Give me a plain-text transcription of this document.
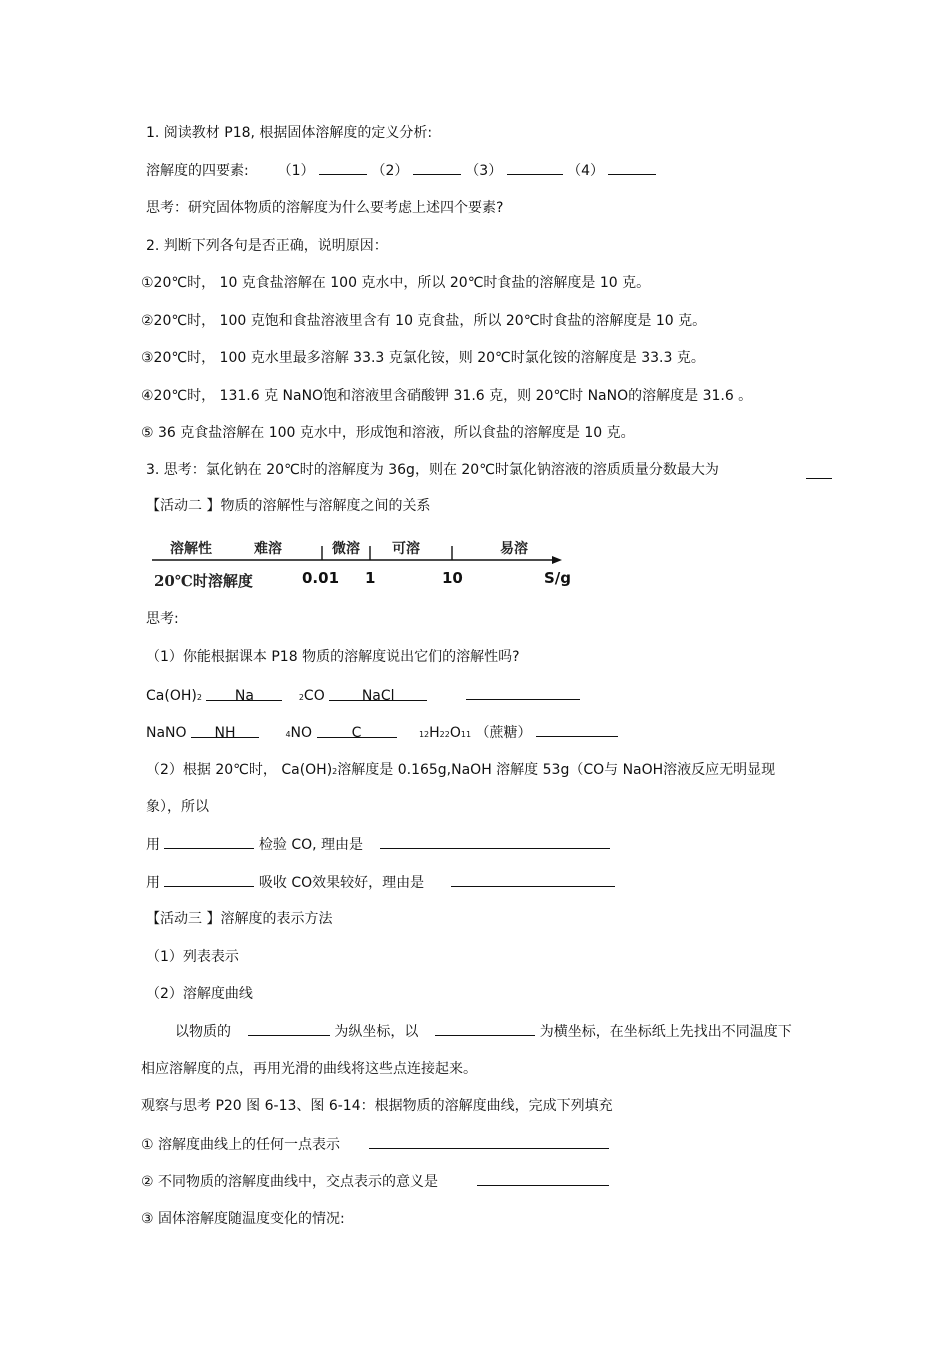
1. 阅读教材 P18, 根据固体溶解度的定义分析:
溶解度的四要素: （1）	（2）	（3）	（4）
思考：研究固体物质的溶解度为什么要考虑上述四个要素?
2. 判断下列各句是否正确，说明原因：
①20℃时， 10 克食盐溶解在 100 克水中，所以 20℃时食盐的溶解度是 10 克。
②20℃时， 100 克饱和食盐溶液里含有 10 克食盐，所以 20℃时食盐的溶解度是 10 克。
③20℃时， 100 克水里最多溶解 33.3 克氯化铵，则 20℃时氯化铵的溶解度是 33.3 克。
④20℃时， 131.6 克 NaNO饱和溶液里含硝酸钾 31.6 克，则 20℃时 NaNO的溶解度是 31.6 。
⑤ 36 克食盐溶解在 100 克水中，形成饱和溶液，所以食盐的溶解度是 10 克。
3. 思考：氯化钠在 20℃时的溶解度为 36g，则在 20℃时氯化钠溶液的溶质质量分数最大为
【活动二 】物质的溶解性与溶解度之间的关系
溶解性	难溶	微溶 可溶	易溶
20℃时溶解度	0.01 1	10	S/g
思考:
（1）你能根据课本 P18 物质的溶解度说出它们的溶解性吗?
Ca(OH)2 Na	2CO	NaCl
NaNO NH	4NO	C	12H22O11 （蔗糖）
（2）根据 20℃时， Ca(OH)2溶解度是 0.165g,NaOH 溶解度 53g（CO与 NaOH溶液反应无明显现
象），所以
用	检验 CO, 理由是
用	吸收 CO效果较好，理由是
【活动三 】溶解度的表示方法
（1）列表表示
（2）溶解度曲线
以物质的	为纵坐标，以	为横坐标，在坐标纸上先找出不同温度下
相应溶解度的点，再用光滑的曲线将这些点连接起来。
观察与思考 P20 图 6-13、图 6-14：根据物质的溶解度曲线，完成下列填充
① 溶解度曲线上的任何一点表示
② 不同物质的溶解度曲线中，交点表示的意义是
③ 固体溶解度随温度变化的情况:
